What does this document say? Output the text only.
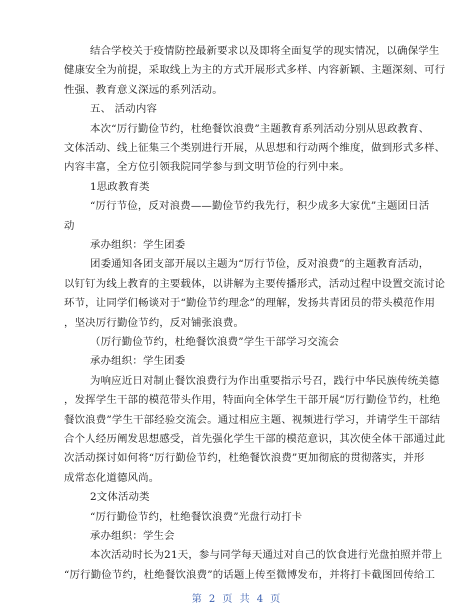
结合学校关于疫情防控最新要求以及即将全面复学的现实情况，以确保学生
健康安全为前提，采取线上为主的方式开展形式多样、内容新颖、主题深刻、可行
性强、教育意义深远的系列活动。
五、 活动内容
本次“厉行勤俭节约，杜绝餐饮浪费”主题教育系列活动分别从思政教育、
文体活动、线上征集三个类别进行开展，从思想和行动两个维度，做到形式多样、
内容丰富，全方位引领我院同学参与到文明节俭的行列中来。
1思政教育类
“厉行节俭，反对浪费——勤俭节约我先行，积少成多大家优”主题团日活
动
承办组织：学生团委
团委通知各团支部开展以主题为“厉行节俭，反对浪费”的主题教育活动，
以钉钉为线上教育的主要载体，以讲解为主要传播形式，活动过程中设置交流讨论
环节，让同学们畅谈对于“勤俭节约理念”的理解，发扬共青团员的带头模范作用
，坚决厉行勤俭节约，反对铺张浪费。
（厉行勤俭节约，杜绝餐饮浪费”学生干部学习交流会
承办组织：学生团委
为响应近日对制止餐饮浪费行为作出重要指示号召，践行中华民族传统美德
，发挥学生干部的模范带头作用，特面向全体学生干部开展“厉行勤俭节约，杜绝
餐饮浪费”学生干部经验交流会。通过相应主题、视频进行学习，并请学生干部结
合个人经历阐发思想感受，首先强化学生干部的模范意识，其次使全体干部通过此
次活动探讨如何将“厉行勤俭节约，杜绝餐饮浪费”更加彻底的贯彻落实，并形
成常态化道德风尚。
2文体活动类
“厉行勤俭节约，杜绝餐饮浪费”光盘行动打卡
承办组织：学生会
本次活动时长为21天，参与同学每天通过对自己的饮食进行光盘拍照并带上
“厉行勤俭节约，杜绝餐饮浪费”的话题上传至微博发布，并将打卡截图回传给工
第 2 页 共 4 页
